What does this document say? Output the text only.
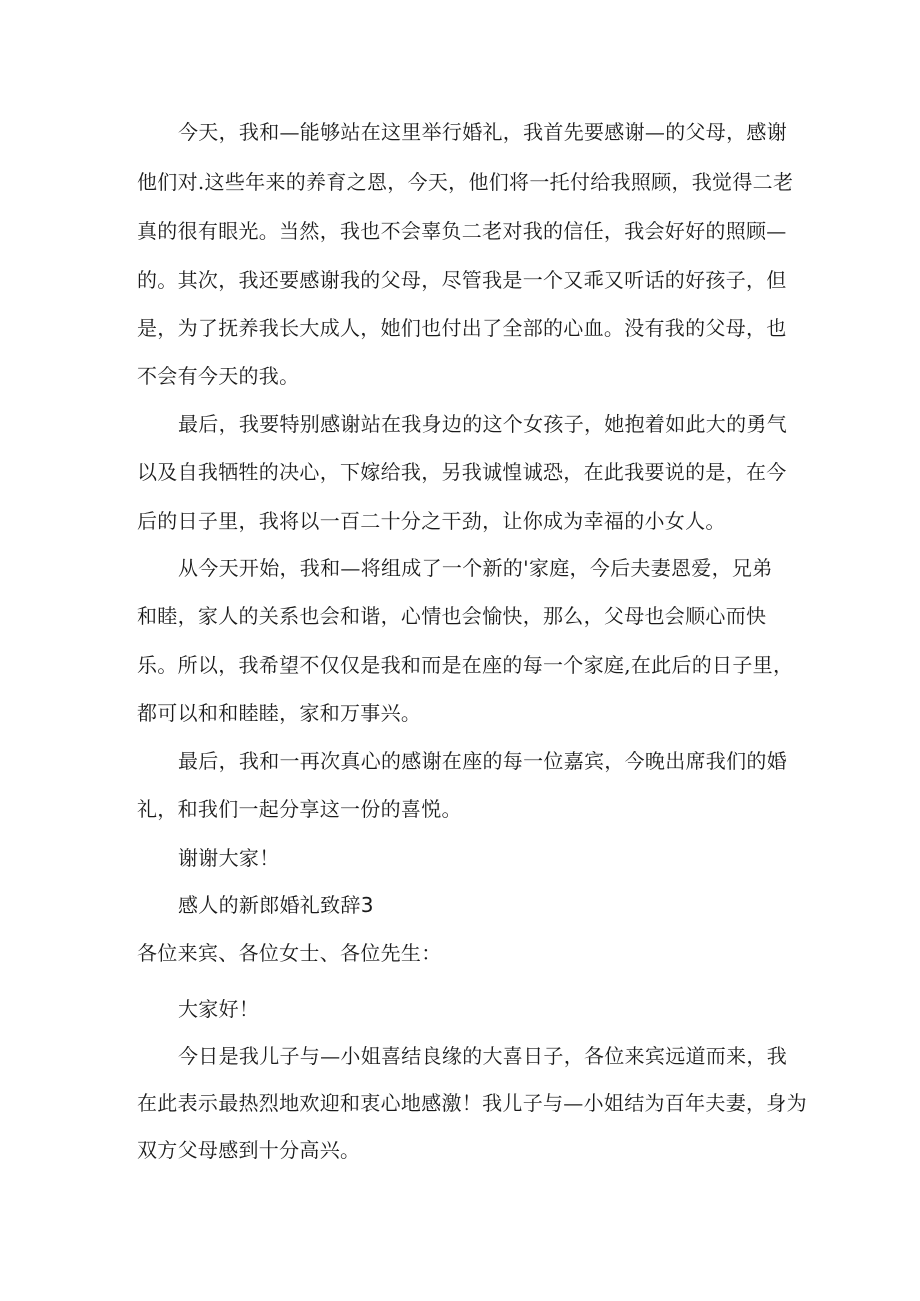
今天，我和—能够站在这里举行婚礼，我首先要感谢—的父母，感谢

他们对.这些年来的养育之恩，今天，他们将一托付给我照顾，我觉得二老

真的很有眼光。当然，我也不会辜负二老对我的信任，我会好好的照顾—

的。其次，我还要感谢我的父母，尽管我是一个又乖又听话的好孩子，但

是，为了抚养我长大成人，她们也付出了全部的心血。没有我的父母，也

不会有今天的我。

最后，我要特别感谢站在我身边的这个女孩子，她抱着如此大的勇气

以及自我牺牲的决心，下嫁给我，另我诚惶诚恐，在此我要说的是，在今

后的日子里，我将以一百二十分之干劲，让你成为幸福的小女人。

从今天开始，我和—将组成了一个新的'家庭，今后夫妻恩爱，兄弟

和睦，家人的关系也会和谐，心情也会愉快，那么，父母也会顺心而快

乐。所以，我希望不仅仅是我和而是在座的每一个家庭,在此后的日子里，

都可以和和睦睦，家和万事兴。

最后，我和一再次真心的感谢在座的每一位嘉宾，今晚出席我们的婚

礼，和我们一起分享这一份的喜悦。

谢谢大家！

感人的新郎婚礼致辞3

各位来宾、各位女士、各位先生：

大家好！

今日是我儿子与—小姐喜结良缘的大喜日子，各位来宾远道而来，我

在此表示最热烈地欢迎和衷心地感激！我儿子与—小姐结为百年夫妻，身为

双方父母感到十分高兴。
